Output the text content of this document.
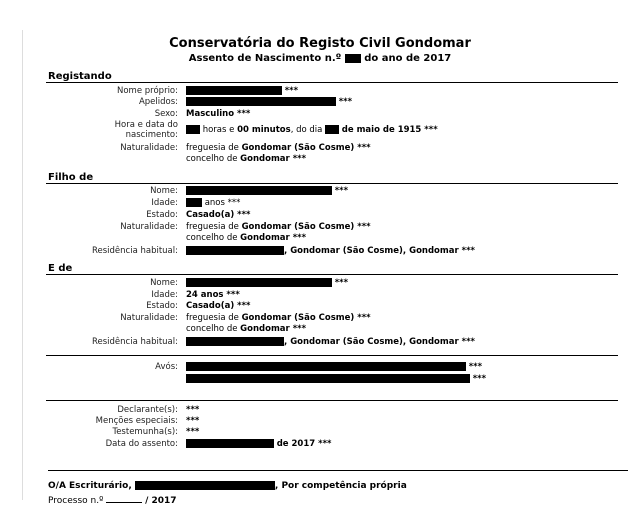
Conservatória do Registo Civil Gondomar
Assento de Nascimento n.º do ano de 2017
Registando
Nome próprio:	***
Apelidos:	***
Sexo: Masculino ***
Hora e data do
nascimento:	horas e 00 minutos, do dia de maio de 1915 ***
Naturalidade: freguesia de Gondomar (São Cosme) ***
concelho de Gondomar ***
Filho de
Nome:	***
Idade:	anos ***
Estado: Casado(a) ***
Naturalidade: freguesia de Gondomar (São Cosme) ***
concelho de Gondomar ***
Residência habitual:	, Gondomar (São Cosme), Gondomar ***
E de
Nome:	***
Idade: 24 anos ***
Estado: Casado(a) ***
Naturalidade: freguesia de Gondomar (São Cosme) ***
concelho de Gondomar ***
Residência habitual:	, Gondomar (São Cosme), Gondomar ***
Avós:	***
***
Declarante(s): ***
Menções especiais: ***
Testemunha(s): ***
Data do assento:	de 2017 ***
O/A Escriturário,	, Por competência própria
Processo n.º	/ 2017
